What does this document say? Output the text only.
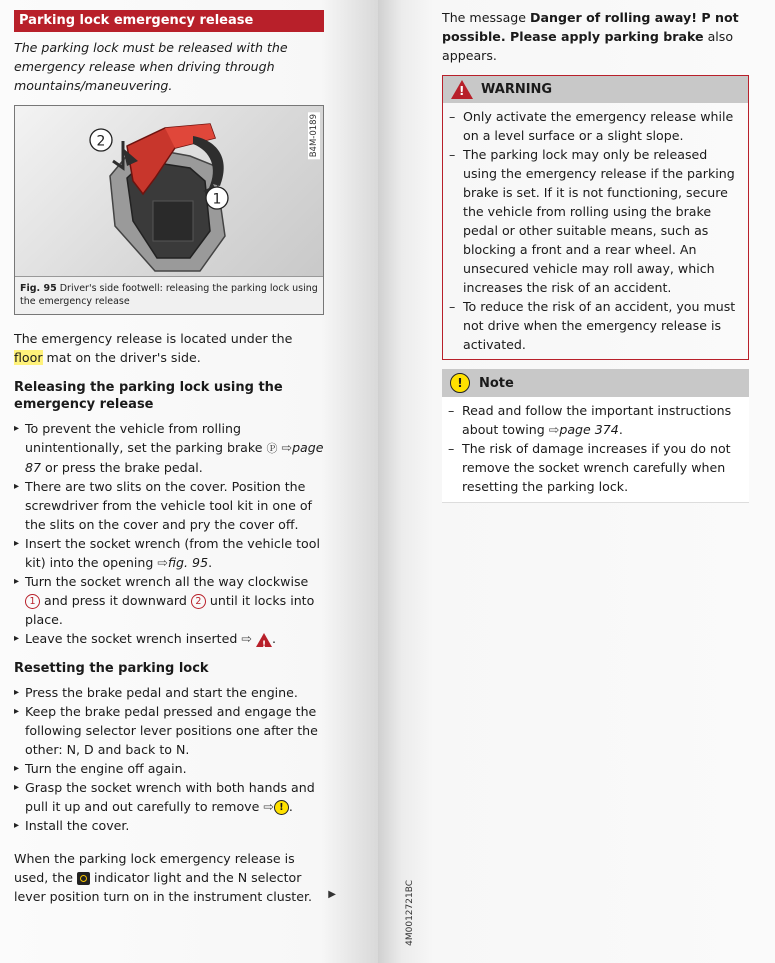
Parking lock emergency release

The parking lock must be released with the emergency release when driving through mountains/maneuvering.

2
1
B4M-0189
Fig. 95 Driver's side footwell: releasing the parking lock using the emergency release

The emergency release is located under the floor mat on the driver's side.

Releasing the parking lock using the emergency release
▸ To prevent the vehicle from rolling unintentionally, set the parking brake Ⓟ ⇨page 87 or press the brake pedal.
▸ There are two slits on the cover. Position the screwdriver from the vehicle tool kit in one of the slits on the cover and pry the cover off.
▸ Insert the socket wrench (from the vehicle tool kit) into the opening ⇨fig. 95.
▸ Turn the socket wrench all the way clockwise 1 and press it downward 2 until it locks into place.
▸ Leave the socket wrench inserted ⇨ ! .
Resetting the parking lock
▸ Press the brake pedal and start the engine.
▸ Keep the brake pedal pressed and engage the following selector lever positions one after the other: N, D and back to N.
▸ Turn the engine off again.
▸ Grasp the socket wrench with both hands and pull it up and out carefully to remove ⇨ ! .
▸ Install the cover.

When the parking lock emergency release is used, the  indicator light and the N selector lever position turn on in the instrument cluster. ▶	4M0012721BC

The message Danger of rolling away! P not possible. Please apply parking brake also appears.

!
WARNING
– Only activate the emergency release while on a level surface or a slight slope.
– The parking lock may only be released using the emergency release if the parking brake is set. If it is not functioning, secure the vehicle from rolling using the brake pedal or other suitable means, such as blocking a front and a rear wheel. An unsecured vehicle may roll away, which increases the risk of an accident.
– To reduce the risk of an accident, you must not drive when the emergency release is activated.
!	Note
– Read and follow the important instructions about towing ⇨page 374.
– The risk of damage increases if you do not remove the socket wrench carefully when resetting the parking lock.
